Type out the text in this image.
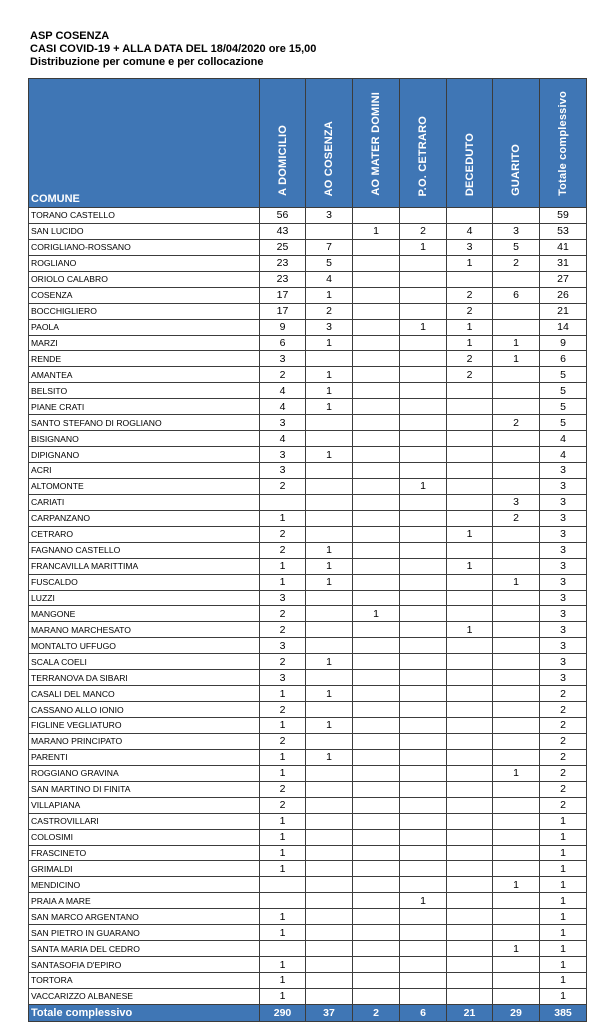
ASP COSENZA
CASI COVID-19 + ALLA DATA DEL 18/04/2020 ore 15,00
Distribuzione per comune e per collocazione
COMUNE	A DOMICILIO	AO COSENZA	AO MATER DOMINI	P.O. CETRARO	DECEDUTO	GUARITO	Totale complessivo
TORANO CASTELLO	56	3					59
SAN LUCIDO	43		1	2	4	3	53
CORIGLIANO-ROSSANO	25	7		1	3	5	41
ROGLIANO	23	5			1	2	31
ORIOLO CALABRO	23	4					27
COSENZA	17	1			2	6	26
BOCCHIGLIERO	17	2			2		21
PAOLA	9	3		1	1		14
MARZI	6	1			1	1	9
RENDE	3				2	1	6
AMANTEA	2	1			2		5
BELSITO	4	1					5
PIANE CRATI	4	1					5
SANTO STEFANO DI ROGLIANO	3					2	5
BISIGNANO	4						4
DIPIGNANO	3	1					4
ACRI	3						3
ALTOMONTE	2			1			3
CARIATI						3	3
CARPANZANO	1					2	3
CETRARO	2				1		3
FAGNANO CASTELLO	2	1					3
FRANCAVILLA MARITTIMA	1	1			1		3
FUSCALDO	1	1				1	3
LUZZI	3						3
MANGONE	2		1				3
MARANO MARCHESATO	2				1		3
MONTALTO UFFUGO	3						3
SCALA COELI	2	1					3
TERRANOVA DA SIBARI	3						3
CASALI DEL MANCO	1	1					2
CASSANO ALLO IONIO	2						2
FIGLINE VEGLIATURO	1	1					2
MARANO PRINCIPATO	2						2
PARENTI	1	1					2
ROGGIANO GRAVINA	1					1	2
SAN MARTINO DI FINITA	2						2
VILLAPIANA	2						2
CASTROVILLARI	1						1
COLOSIMI	1						1
FRASCINETO	1						1
GRIMALDI	1						1
MENDICINO						1	1
PRAIA A MARE				1			1
SAN MARCO ARGENTANO	1						1
SAN PIETRO IN GUARANO	1						1
SANTA MARIA DEL CEDRO						1	1
SANTASOFIA D'EPIRO	1						1
TORTORA	1						1
VACCARIZZO ALBANESE	1						1
Totale complessivo	290	37	2	6	21	29	385
